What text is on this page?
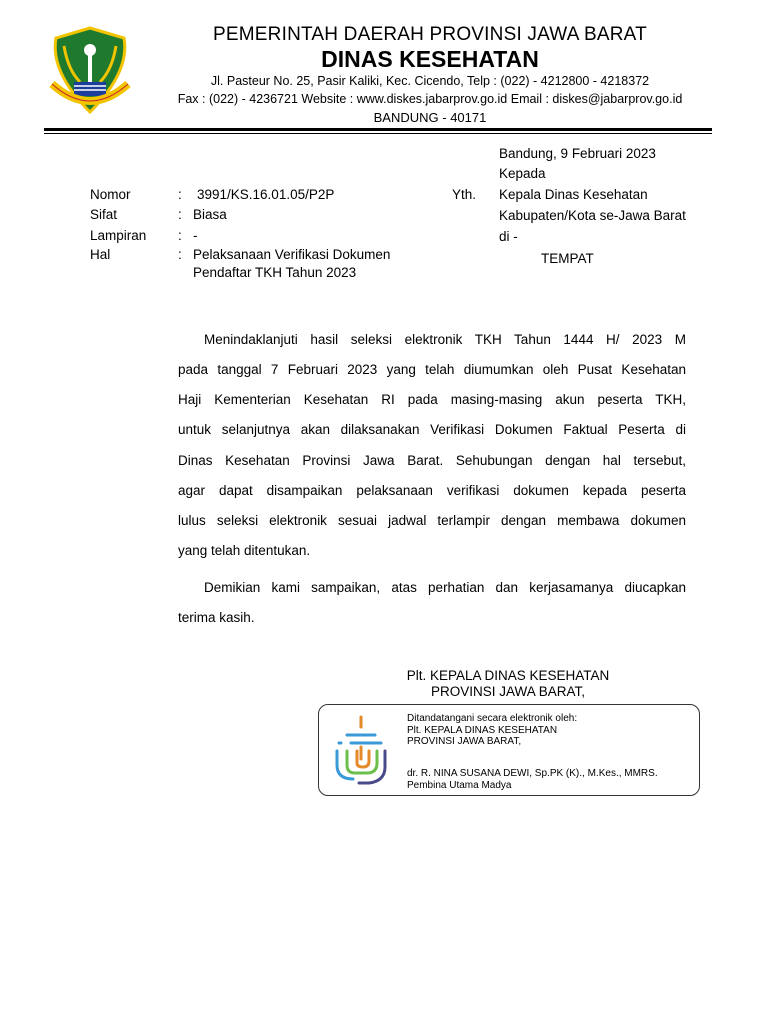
PEMERINTAH DAERAH PROVINSI JAWA BARAT
DINAS KESEHATAN
Jl. Pasteur No. 25, Pasir Kaliki, Kec. Cicendo, Telp : (022) - 4212800 - 4218372
Fax : (022) - 4236721 Website : www.diskes.jabarprov.go.id Email : diskes@jabarprov.go.id
BANDUNG - 40171
Bandung, 9 Februari 2023
Kepada
Yth. Kepala Dinas Kesehatan
Kabupaten/Kota se-Jawa Barat
di -
TEMPAT
Nomor	: 3991/KS.16.01.05/P2P
Sifat	: Biasa
Lampiran : -
Hal	: Pelaksanaan Verifikasi Dokumen
Pendaftar TKH Tahun 2023
Menindaklanjuti hasil seleksi elektronik TKH Tahun 1444 H/ 2023 M
pada tanggal 7 Februari 2023 yang telah diumumkan oleh Pusat Kesehatan
Haji Kementerian Kesehatan RI pada masing-masing akun peserta TKH,
untuk selanjutnya akan dilaksanakan Verifikasi Dokumen Faktual Peserta di
Dinas Kesehatan Provinsi Jawa Barat. Sehubungan dengan hal tersebut,
agar dapat disampaikan pelaksanaan verifikasi dokumen kepada peserta
lulus seleksi elektronik sesuai jadwal terlampir dengan membawa dokumen
yang telah ditentukan.
Demikian kami sampaikan, atas perhatian dan kerjasamanya diucapkan
terima kasih.
Plt. KEPALA DINAS KESEHATAN
PROVINSI JAWA BARAT,
Ditandatangani secara elektronik oleh:
Plt. KEPALA DINAS KESEHATAN
PROVINSI JAWA BARAT,
dr. R. NINA SUSANA DEWI, Sp.PK (K)., M.Kes., MMRS.
Pembina Utama Madya
